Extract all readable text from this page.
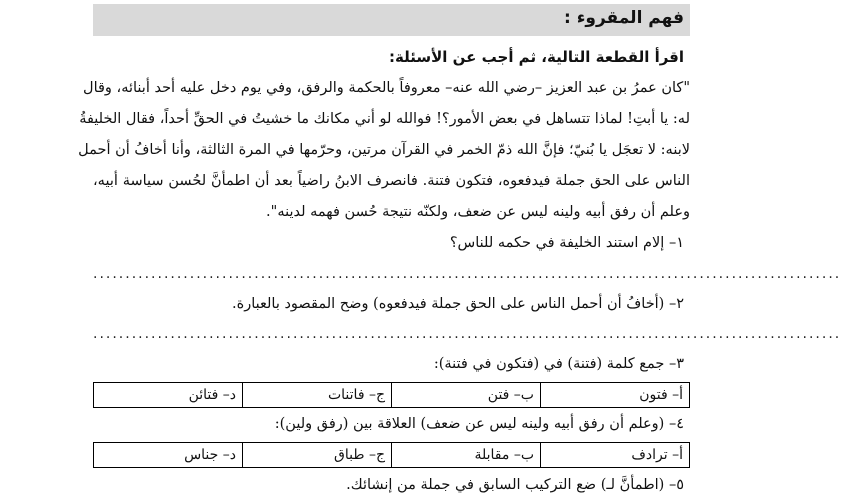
فهم المقروء :
اقرأ القطعة التالية، ثم أجب عن الأسئلة:
"كان عمرُ بن عبد العزيز –رضي الله عنه– معروفاً بالحكمة والرفق، وفي يوم دخل عليه أحد أبنائه، وقال
له: يا أبتِ! لماذا تتساهل في بعض الأمور؟! فوالله لو أني مكانك ما خشيتُ في الحقِّ أحداً، فقال الخليفةُ
لابنه: لا تعجَل يا بُنيّ؛ فإنَّ الله ذمّ الخمر في القرآن مرتين، وحرّمها في المرة الثالثة، وأنا أخافُ أن أحمل
الناس على الحق جملة فيدفعوه، فتكون فتنة. فانصرف الابنُ راضياً بعد أن اطمأنَّ لحُسن سياسة أبيه،
وعلم أن رفق أبيه ولينه ليس عن ضعف، ولكنّه نتيجة حُسن فهمه لدينه".
١– إلام استند الخليفة في حكمه للناس؟
....................................................................................................................
٢– (أخافُ أن أحمل الناس على الحق جملة فيدفعوه) وضح المقصود بالعبارة.
....................................................................................................................
٣– جمع كلمة (فتنة) في (فتكون في فتنة):
أ– فتون	ب– فتن	ج– فاتنات	د– فتائن
٤– (وعلم أن رفق أبيه ولينه ليس عن ضعف) العلاقة بين (رفق ولين):
أ– ترادف	ب– مقابلة	ج– طباق	د– جناس
٥– (اطمأنَّ لـ) ضع التركيب السابق في جملة من إنشائك.
